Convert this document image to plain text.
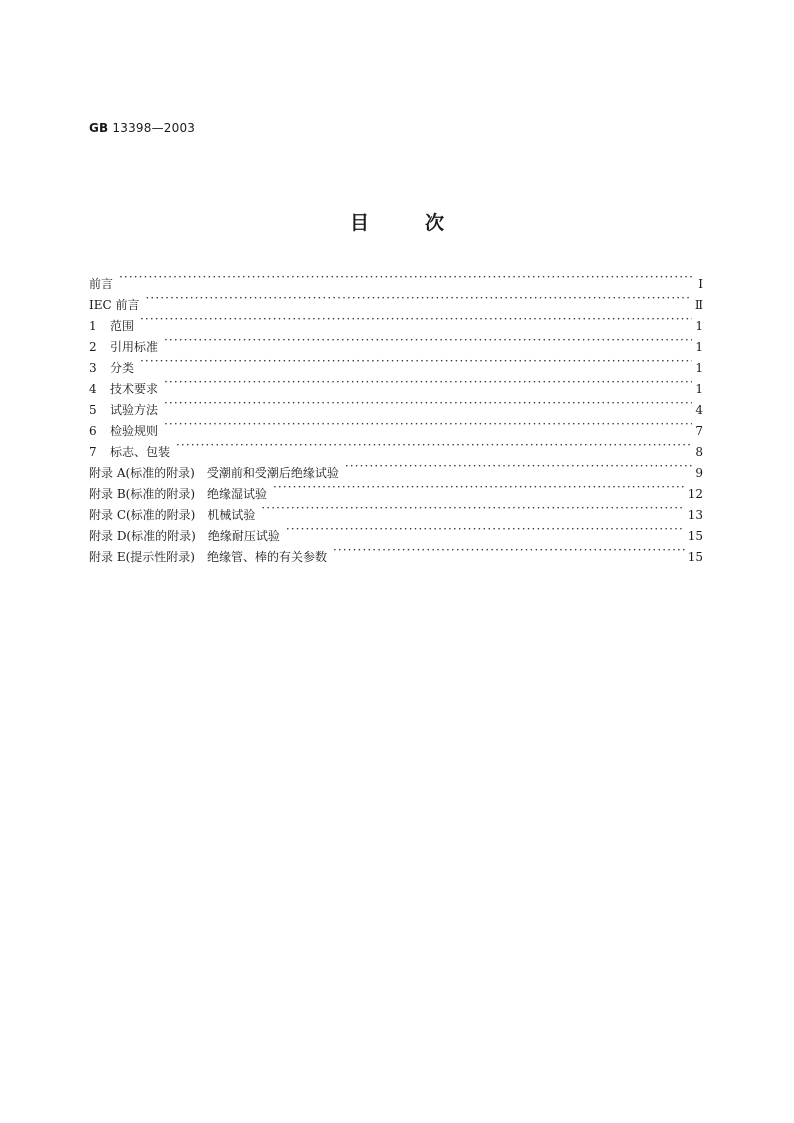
GB 13398—2003
目	次
前言 ·····	Ⅰ
IEC 前言 ·····	Ⅱ
1	范围 ·····	1
2	引用标准 ·····	1
3	分类 ·····	1
4	技术要求 ·····	1
5	试验方法 ·····	4
6	检验规则 ·····	7
7	标志、包装 ·····	8
附录 A(标准的附录) 受潮前和受潮后绝缘试验 ·····	9
附录 B(标准的附录) 绝缘湿试验 ·····	12
附录 C(标准的附录) 机械试验 ·····	13
附录 D(标准的附录) 绝缘耐压试验 ·····	15
附录 E(提示性附录) 绝缘管、棒的有关参数 ·····	15
